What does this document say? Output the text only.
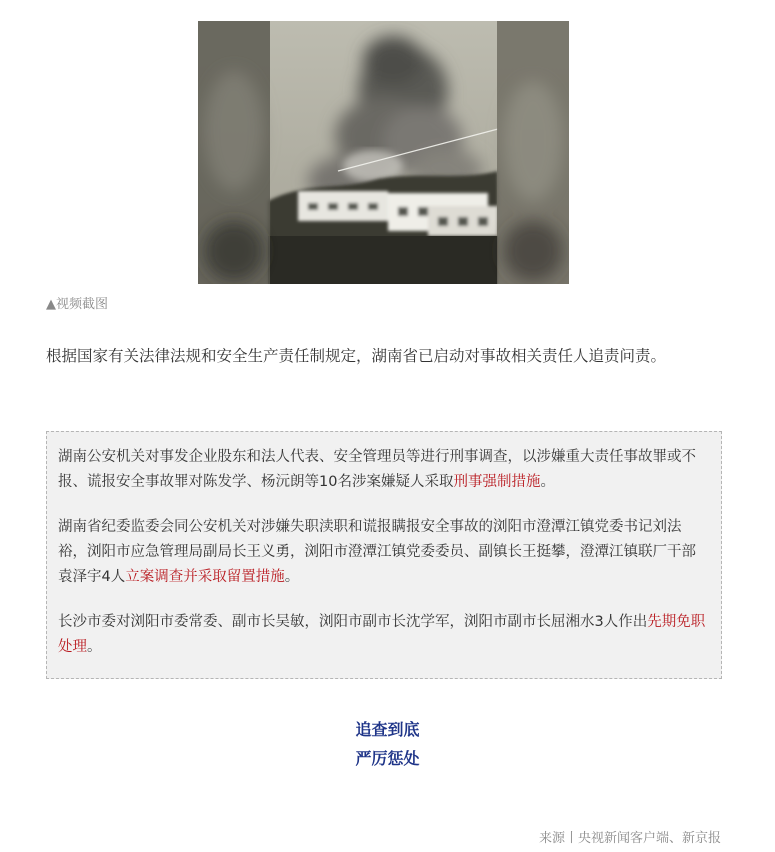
▲视频截图

根据国家有关法律法规和安全生产责任制规定，湖南省已启动对事故相关责任人追责问责。

湖南公安机关对事发企业股东和法人代表、安全管理员等进行刑事调查，以涉嫌重大责任事故罪或不报、谎报安全事故罪对陈发学、杨沅朗等10名涉案嫌疑人采取刑事强制措施。

湖南省纪委监委会同公安机关对涉嫌失职渎职和谎报瞒报安全事故的浏阳市澄潭江镇党委书记刘法裕，浏阳市应急管理局副局长王义勇，浏阳市澄潭江镇党委委员、副镇长王挺攀，澄潭江镇联厂干部袁泽宇4人立案调查并采取留置措施。

长沙市委对浏阳市委常委、副市长吴敏，浏阳市副市长沈学军，浏阳市副市长屈湘水3人作出先期免职处理。

追查到底
严厉惩处
来源丨央视新闻客户端、新京报
